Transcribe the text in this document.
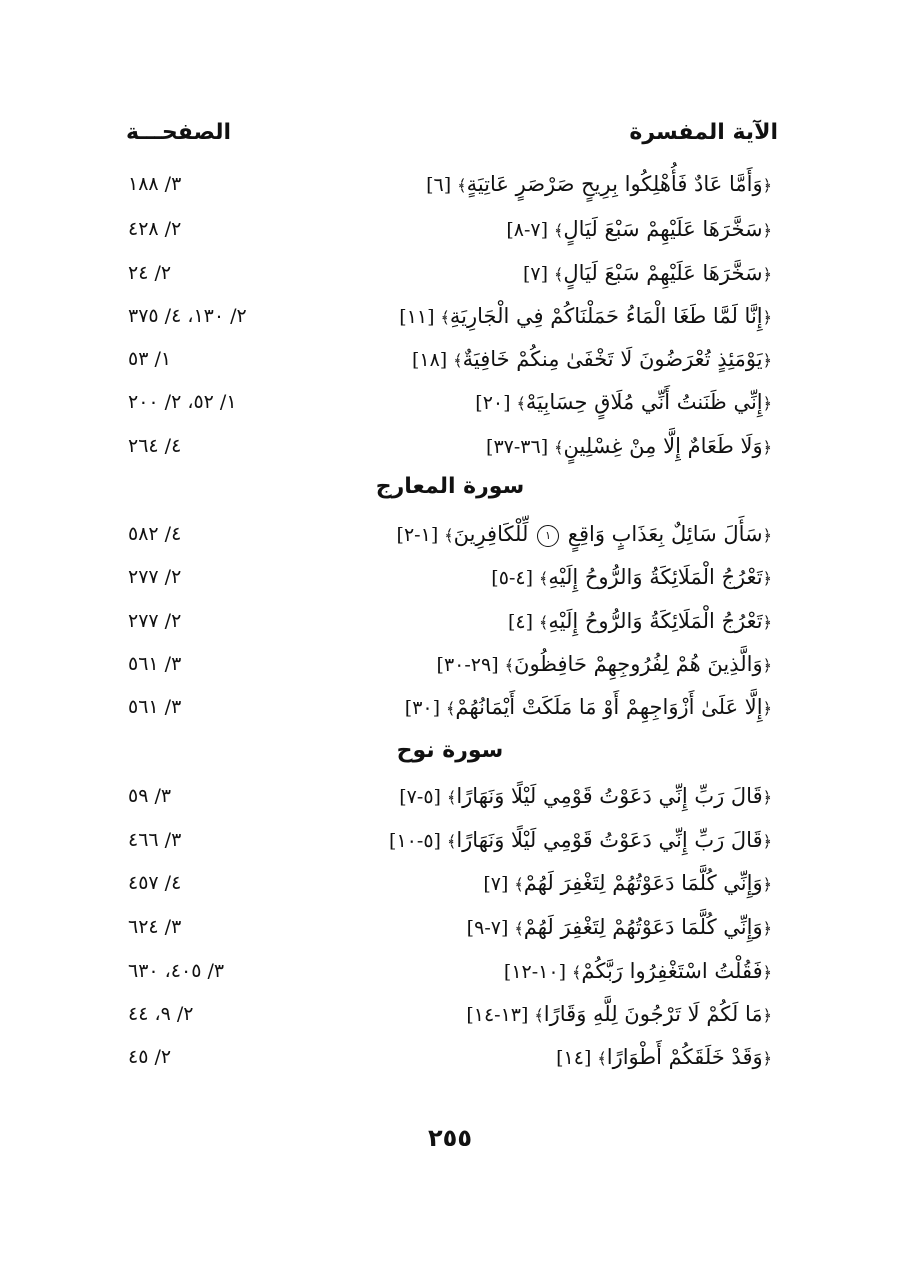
الآية المفسرة
الصفحـــة
﴿وَأَمَّا عَادٌ فَأُهْلِكُوا بِرِيحٍ صَرْصَرٍ عَاتِيَةٍ﴾[٦]
٣/ ١٨٨
﴿سَخَّرَهَا عَلَيْهِمْ سَبْعَ لَيَالٍ﴾[٧-٨]
٢/ ٤٢٨
﴿سَخَّرَهَا عَلَيْهِمْ سَبْعَ لَيَالٍ﴾[٧]
٢/ ٢٤
﴿إِنَّا لَمَّا طَغَا الْمَاءُ حَمَلْنَاكُمْ فِي الْجَارِيَةِ﴾[١١]
٢/ ١٣٠، ٤/ ٣٧٥
﴿يَوْمَئِذٍ تُعْرَضُونَ لَا تَخْفَىٰ مِنكُمْ خَافِيَةٌ﴾[١٨]
١/ ٥٣
﴿إِنِّي ظَنَنتُ أَنِّي مُلَاقٍ حِسَابِيَهْ﴾[٢٠]
١/ ٥٢، ٢/ ٢٠٠
﴿وَلَا طَعَامٌ إِلَّا مِنْ غِسْلِينٍ﴾[٣٦-٣٧]
٤/ ٢٦٤
سورة المعارج
﴿سَأَلَ سَائِلٌ بِعَذَابٍ وَاقِعٍ ١ لِّلْكَافِرِينَ﴾[١-٢]
٤/ ٥٨٢
﴿تَعْرُجُ الْمَلَائِكَةُ وَالرُّوحُ إِلَيْهِ﴾[٤-٥]
٢/ ٢٧٧
﴿تَعْرُجُ الْمَلَائِكَةُ وَالرُّوحُ إِلَيْهِ﴾[٤]
٢/ ٢٧٧
﴿وَالَّذِينَ هُمْ لِفُرُوجِهِمْ حَافِظُونَ﴾[٢٩-٣٠]
٣/ ٥٦١
﴿إِلَّا عَلَىٰ أَزْوَاجِهِمْ أَوْ مَا مَلَكَتْ أَيْمَانُهُمْ﴾[٣٠]
٣/ ٥٦١
سورة نوح
﴿قَالَ رَبِّ إِنِّي دَعَوْتُ قَوْمِي لَيْلًا وَنَهَارًا﴾[٥-٧]
٣/ ٥٩
﴿قَالَ رَبِّ إِنِّي دَعَوْتُ قَوْمِي لَيْلًا وَنَهَارًا﴾[٥-١٠]
٣/ ٤٦٦
﴿وَإِنِّي كُلَّمَا دَعَوْتُهُمْ لِتَغْفِرَ لَهُمْ﴾[٧]
٤/ ٤٥٧
﴿وَإِنِّي كُلَّمَا دَعَوْتُهُمْ لِتَغْفِرَ لَهُمْ﴾[٧-٩]
٣/ ٦٢٤
﴿فَقُلْتُ اسْتَغْفِرُوا رَبَّكُمْ﴾[١٠-١٢]
٣/ ٤٠٥، ٦٣٠
﴿مَا لَكُمْ لَا تَرْجُونَ لِلَّهِ وَقَارًا﴾[١٣-١٤]
٢/ ٩، ٤٤
﴿وَقَدْ خَلَقَكُمْ أَطْوَارًا﴾[١٤]
٢/ ٤٥
٢٥٥
